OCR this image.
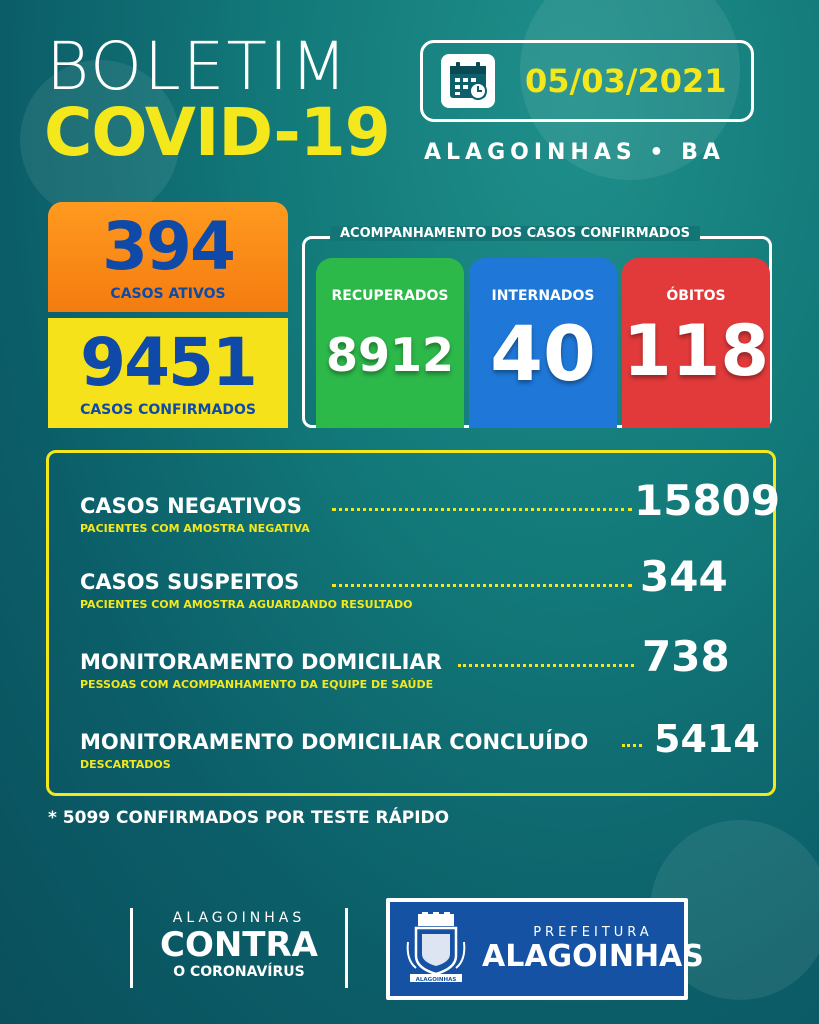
BOLETIM
COVID-19
05/03/2021
ALAGOINHAS • BA
394
CASOS ATIVOS
9451
CASOS CONFIRMADOS
ACOMPANHAMENTO DOS CASOS CONFIRMADOS
RECUPERADOS
8912
INTERNADOS
40
ÓBITOS
118
CASOS NEGATIVOS
PACIENTES COM AMOSTRA NEGATIVA
15809
CASOS SUSPEITOS
PACIENTES COM AMOSTRA AGUARDANDO RESULTADO
344
MONITORAMENTO DOMICILIAR
PESSOAS COM ACOMPANHAMENTO DA EQUIPE DE SAÚDE
738
MONITORAMENTO DOMICILIAR CONCLUÍDO
DESCARTADOS
5414
* 5099 CONFIRMADOS POR TESTE RÁPIDO
ALAGOINHAS
CONTRA
O CORONAVÍRUS	ALAGOINHAS
PREFEITURA
ALAGOINHAS
